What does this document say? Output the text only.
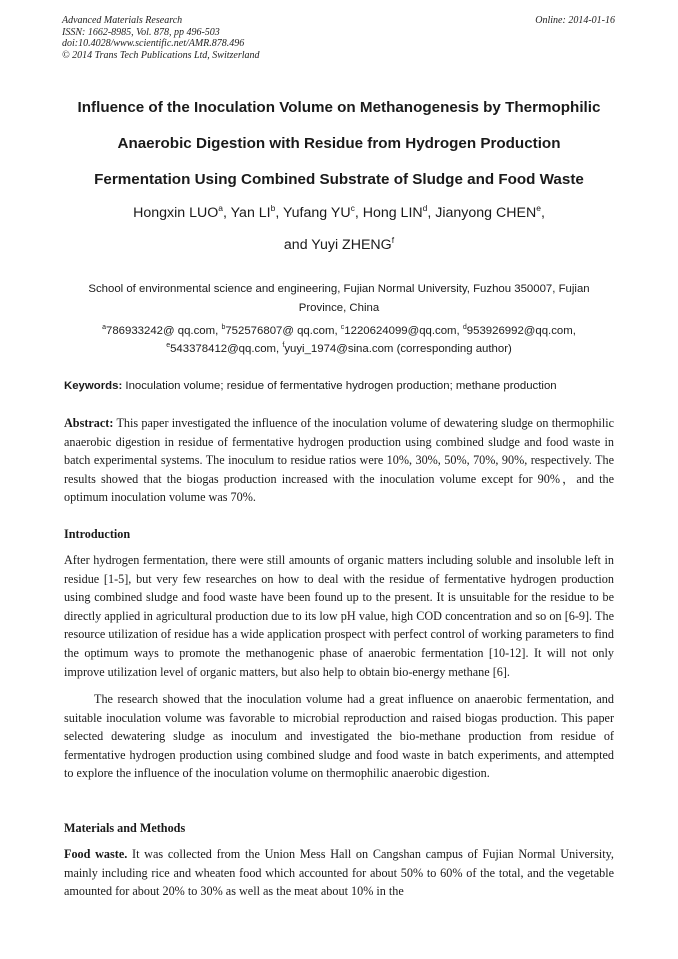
Advanced Materials Research
ISSN: 1662-8985, Vol. 878, pp 496-503
doi:10.4028/www.scientific.net/AMR.878.496
© 2014 Trans Tech Publications Ltd, Switzerland
Online: 2014-01-16
Influence of the Inoculation Volume on Methanogenesis by Thermophilic
Anaerobic Digestion with Residue from Hydrogen Production
Fermentation Using Combined Substrate of Sludge and Food Waste
Hongxin LUO$^a$, Yan $LI^b$, Yufang $YU^c$, Hong LIN$^d$, Jianyong CHEN$^e$,
and Yuyi ZHENG$^f$
School of environmental science and engineering, Fujian Normal University, Fuzhou 350007, Fujian Province, China
$^a$786933242@ qq.com, $^b$752576807@ qq.com, $^c$1220624099@qq.com, $^d$953926992@qq.com,
$^e$543378412@qq.com, $^f$yuyi_1974@sina.com (corresponding author)
Keywords: Inoculation volume; residue of fermentative hydrogen production; methane production
Abstract: This paper investigated the influence of the inoculation volume of dewatering sludge on thermophilic anaerobic digestion in residue of fermentative hydrogen production using combined sludge and food waste in batch experimental systems. The inoculum to residue ratios were 10%, 30%, 50%, 70%, 90%, respectively. The results showed that the biogas production increased with the inoculation volume except for 90%，and the optimum inoculation volume was 70%.
Introduction
After hydrogen fermentation, there were still amounts of organic matters including soluble and insoluble left in residue [1-5], but very few researches on how to deal with the residue of fermentative hydrogen production using combined sludge and food waste have been found up to the present. It is unsuitable for the residue to be directly applied in agricultural production due to its low pH value, high COD concentration and so on [6-9]. The resource utilization of residue has a wide application prospect with perfect control of working parameters to find the optimum ways to promote the methanogenic phase of anaerobic fermentation [10-12]. It will not only improve utilization level of organic matters, but also help to obtain bio-energy methane [6].
The research showed that the inoculation volume had a great influence on anaerobic fermentation, and suitable inoculation volume was favorable to microbial reproduction and raised biogas production. This paper selected dewatering sludge as inoculum and investigated the bio-methane production from residue of fermentative hydrogen production using combined sludge and food waste in batch experiments, and attempted to explore the influence of the inoculation volume on thermophilic anaerobic digestion.
Materials and Methods
Food waste. It was collected from the Union Mess Hall on Cangshan campus of Fujian Normal University, mainly including rice and wheaten food which accounted for about 50% to 60% of the total, and the vegetable amounted for about 20% to 30% as well as the meat about 10% in the
